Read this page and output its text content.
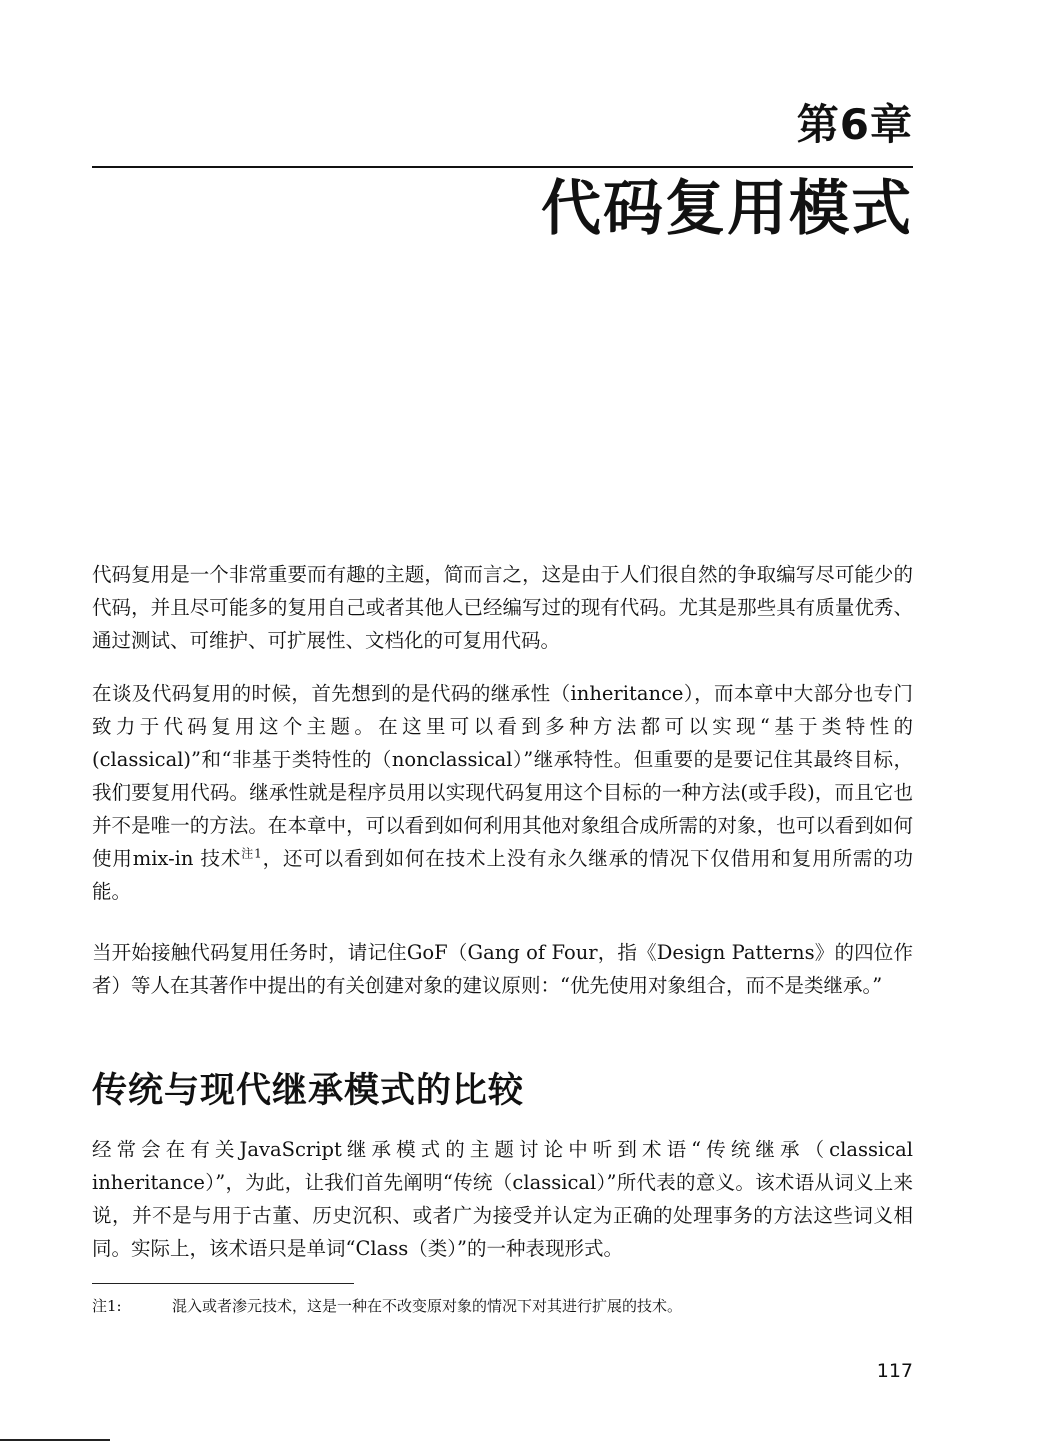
第6章
代码复用模式

代码复用是一个非常重要而有趣的主题，简而言之，这是由于人们很自然的争取编写尽可能少的代码，并且尽可能多的复用自己或者其他人已经编写过的现有代码。尤其是那些具有质量优秀、通过测试、可维护、可扩展性、文档化的可复用代码。

在谈及代码复用的时候，首先想到的是代码的继承性（inheritance），而本章中大部分也专门致力于代码复用这个主题。在这里可以看到多种方法都可以实现“基于类特性的(classical)”和“非基于类特性的（nonclassical）”继承特性。但重要的是要记住其最终目标，我们要复用代码。继承性就是程序员用以实现代码复用这个目标的一种方法(或手段)，而且它也并不是唯一的方法。在本章中，可以看到如何利用其他对象组合成所需的对象，也可以看到如何使用mix-in 技术$^{注1}$，还可以看到如何在技术上没有永久继承的情况下仅借用和复用所需的功能。

当开始接触代码复用任务时，请记住GoF（Gang of Four，指《Design Patterns》的四位作者）等人在其著作中提出的有关创建对象的建议原则：“优先使用对象组合，而不是类继承。”

传统与现代继承模式的比较

经常会在有关JavaScript继承模式的主题讨论中听到术语“传统继承（classical inheritance）”，为此，让我们首先阐明“传统（classical）”所代表的意义。该术语从词义上来说，并不是与用于古董、历史沉积、或者广为接受并认定为正确的处理事务的方法这些词义相同。实际上，该术语只是单词“Class（类）”的一种表现形式。

注1:	混入或者渗元技术，这是一种在不改变原对象的情况下对其进行扩展的技术。

117
